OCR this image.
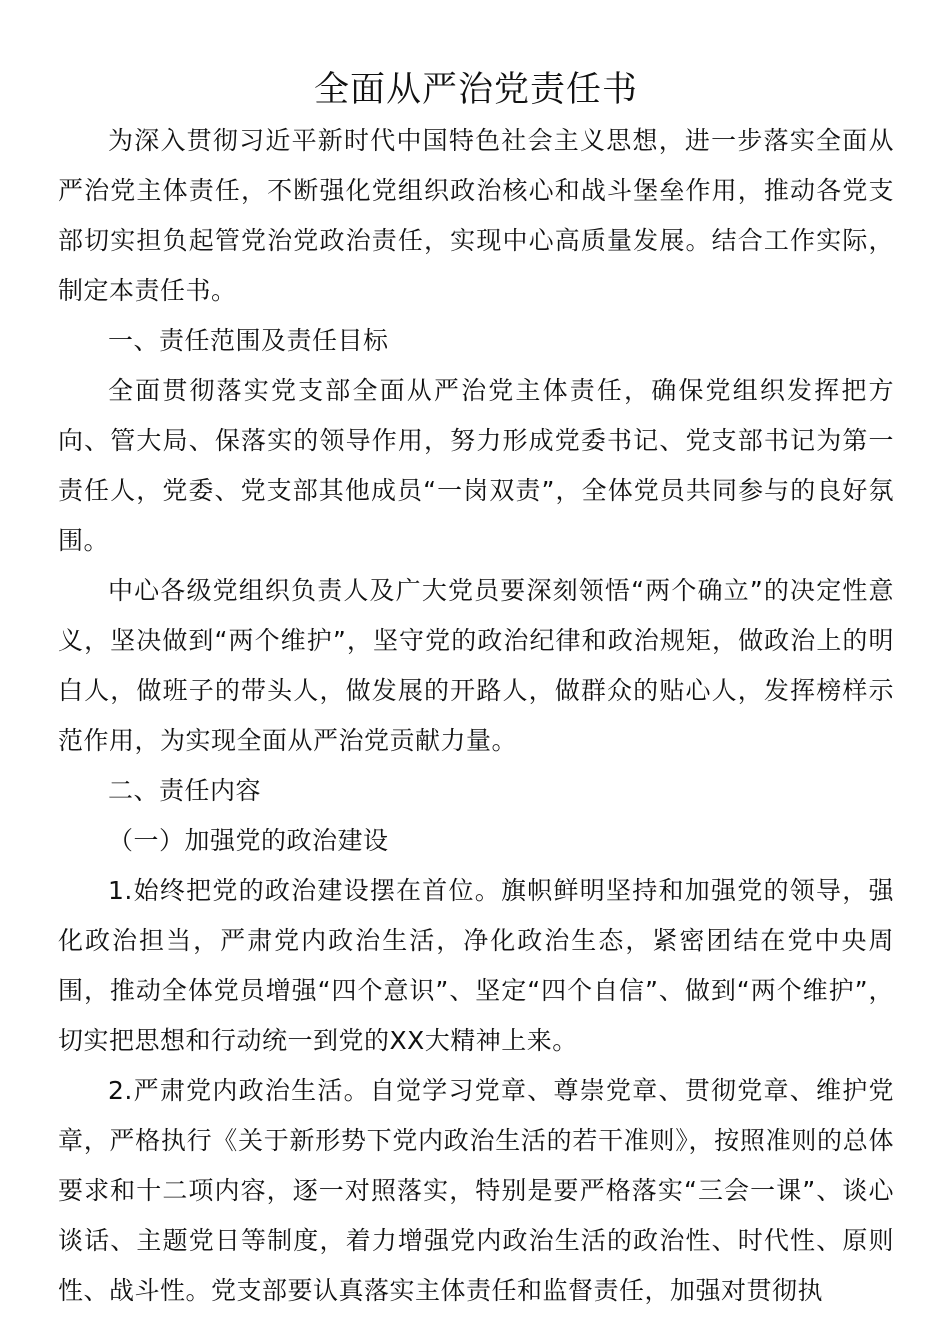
全面从严治党责任书

为深入贯彻习近平新时代中国特色社会主义思想，进一步落实全面从严治党主体责任，不断强化党组织政治核心和战斗堡垒作用，推动各党支部切实担负起管党治党政治责任，实现中心高质量发展。结合工作实际，制定本责任书。

一、责任范围及责任目标

全面贯彻落实党支部全面从严治党主体责任，确保党组织发挥把方向、管大局、保落实的领导作用，努力形成党委书记、党支部书记为第一责任人，党委、党支部其他成员“一岗双责”，全体党员共同参与的良好氛围。

中心各级党组织负责人及广大党员要深刻领悟“两个确立”的决定性意义，坚决做到“两个维护”，坚守党的政治纪律和政治规矩，做政治上的明白人，做班子的带头人，做发展的开路人，做群众的贴心人，发挥榜样示范作用，为实现全面从严治党贡献力量。

二、责任内容

（一）加强党的政治建设

1.始终把党的政治建设摆在首位。旗帜鲜明坚持和加强党的领导，强化政治担当，严肃党内政治生活，净化政治生态，紧密团结在党中央周围，推动全体党员增强“四个意识”、坚定“四个自信”、做到“两个维护”，切实把思想和行动统一到党的XX大精神上来。

2.严肃党内政治生活。自觉学习党章、尊崇党章、贯彻党章、维护党章，严格执行《关于新形势下党内政治生活的若干准则》，按照准则的总体要求和十二项内容，逐一对照落实，特别是要严格落实“三会一课”、谈心谈话、主题党日等制度，着力增强党内政治生活的政治性、时代性、原则性、战斗性。党支部要认真落实主体责任和监督责任，加强对贯彻执
